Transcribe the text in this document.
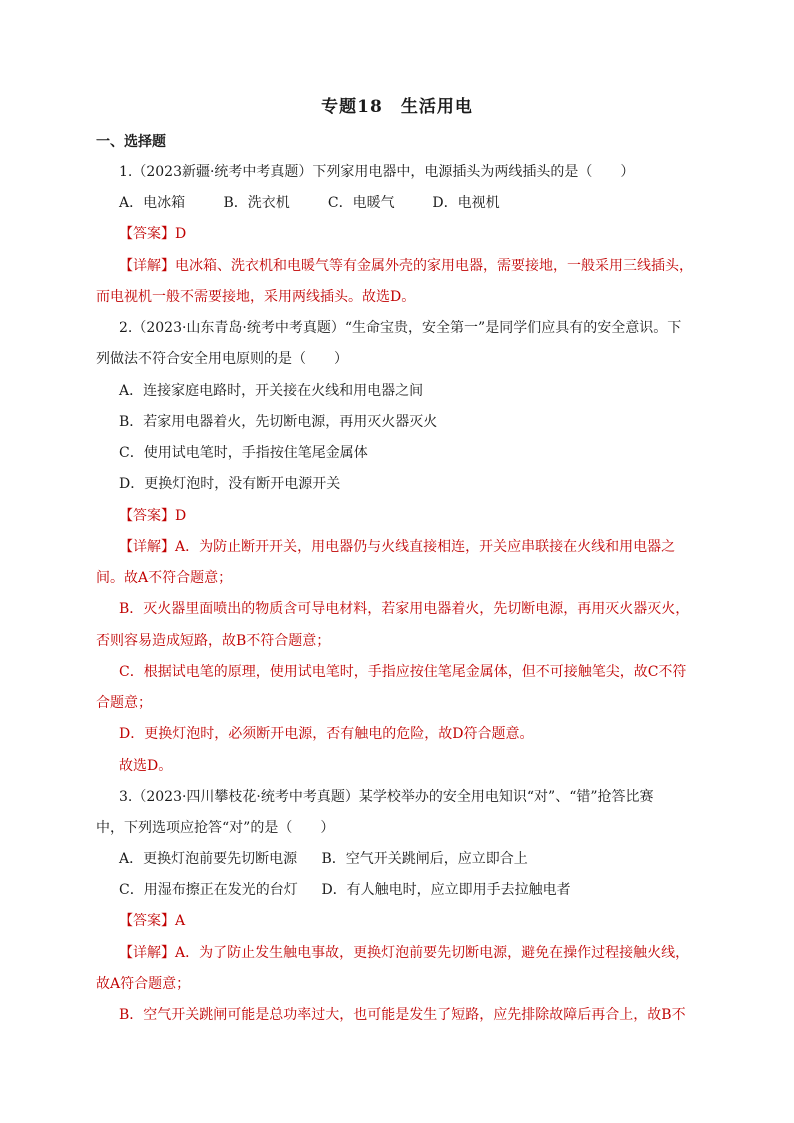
专题18　生活用电
一、选择题
1.（2023新疆·统考中考真题）下列家用电器中，电源插头为两线插头的是（　　）
A．电冰箱	B．洗衣机	C．电暖气	D．电视机
【答案】D
【详解】电冰箱、洗衣机和电暖气等有金属外壳的家用电器，需要接地，一般采用三线插头，
而电视机一般不需要接地，采用两线插头。故选D。
2.（2023·山东青岛·统考中考真题）“生命宝贵，安全第一”是同学们应具有的安全意识。下
列做法不符合安全用电原则的是（　　）
A．连接家庭电路时，开关接在火线和用电器之间
B．若家用电器着火，先切断电源，再用灭火器灭火
C．使用试电笔时，手指按住笔尾金属体
D．更换灯泡时，没有断开电源开关
【答案】D
【详解】A．为防止断开开关，用电器仍与火线直接相连，开关应串联接在火线和用电器之
间。故A不符合题意；
B．灭火器里面喷出的物质含可导电材料，若家用电器着火，先切断电源，再用灭火器灭火，
否则容易造成短路，故B不符合题意；
C．根据试电笔的原理，使用试电笔时，手指应按住笔尾金属体，但不可接触笔尖，故C不符
合题意；
D．更换灯泡时，必须断开电源，否有触电的危险，故D符合题意。
故选D。
3.（2023·四川攀枝花·统考中考真题）某学校举办的安全用电知识“对”、“错”抢答比赛
中，下列选项应抢答“对”的是（　　）
A．更换灯泡前要先切断电源 B．空气开关跳闸后，应立即合上
C．用湿布擦正在发光的台灯 D．有人触电时，应立即用手去拉触电者
【答案】A
【详解】A．为了防止发生触电事故，更换灯泡前要先切断电源，避免在操作过程接触火线，
故A符合题意；
B．空气开关跳闸可能是总功率过大，也可能是发生了短路，应先排除故障后再合上，故B不
